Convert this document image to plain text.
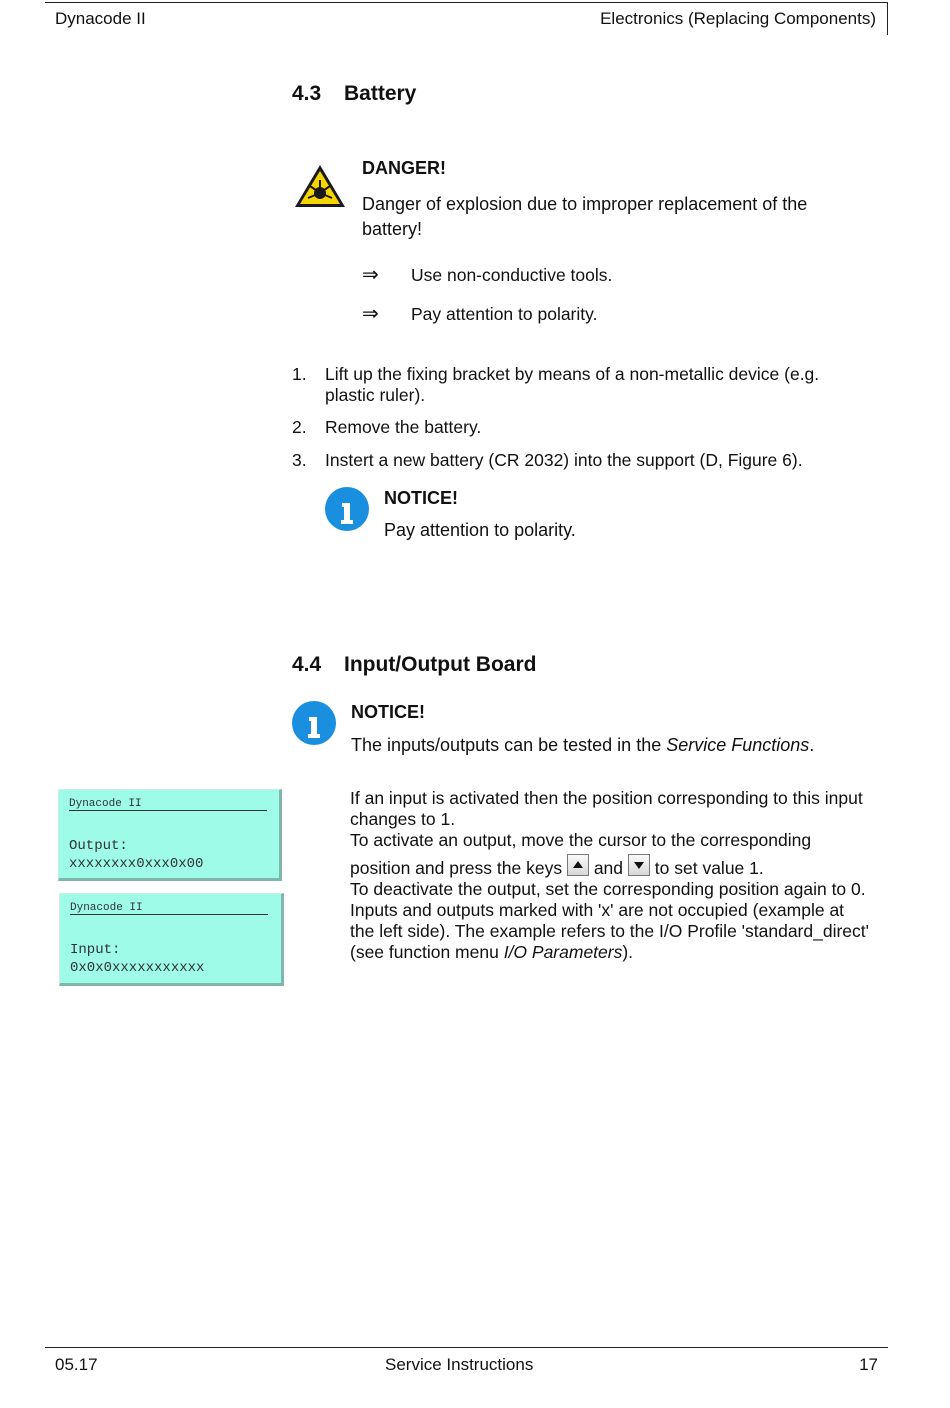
Dynacode II	Electronics (Replacing Components)
4.3 Battery
DANGER!
Danger of explosion due to improper replacement of the battery!
⇒ Use non-conductive tools.
⇒ Pay attention to polarity.
1. Lift up the fixing bracket by means of a non-metallic device (e.g. plastic ruler).
2. Remove the battery.
3. Instert a new battery (CR 2032) into the support (D, Figure 6).
NOTICE!
Pay attention to polarity.
4.4 Input/Output Board
NOTICE!
The inputs/outputs can be tested in the Service Functions.
Dynacode II
Output:
xxxxxxxx0xxx0x00
Dynacode II
Input:
0x0x0xxxxxxxxxxx
If an input is activated then the position corresponding to this input changes to 1.
To activate an output, move the cursor to the corresponding
position and press the keys and to set value 1.
To deactivate the output, set the corresponding position again to 0.
Inputs and outputs marked with 'x' are not occupied (example at the left side). The example refers to the I/O Profile 'standard_direct' (see function menu I/O Parameters).
05.17	Service Instructions	17
